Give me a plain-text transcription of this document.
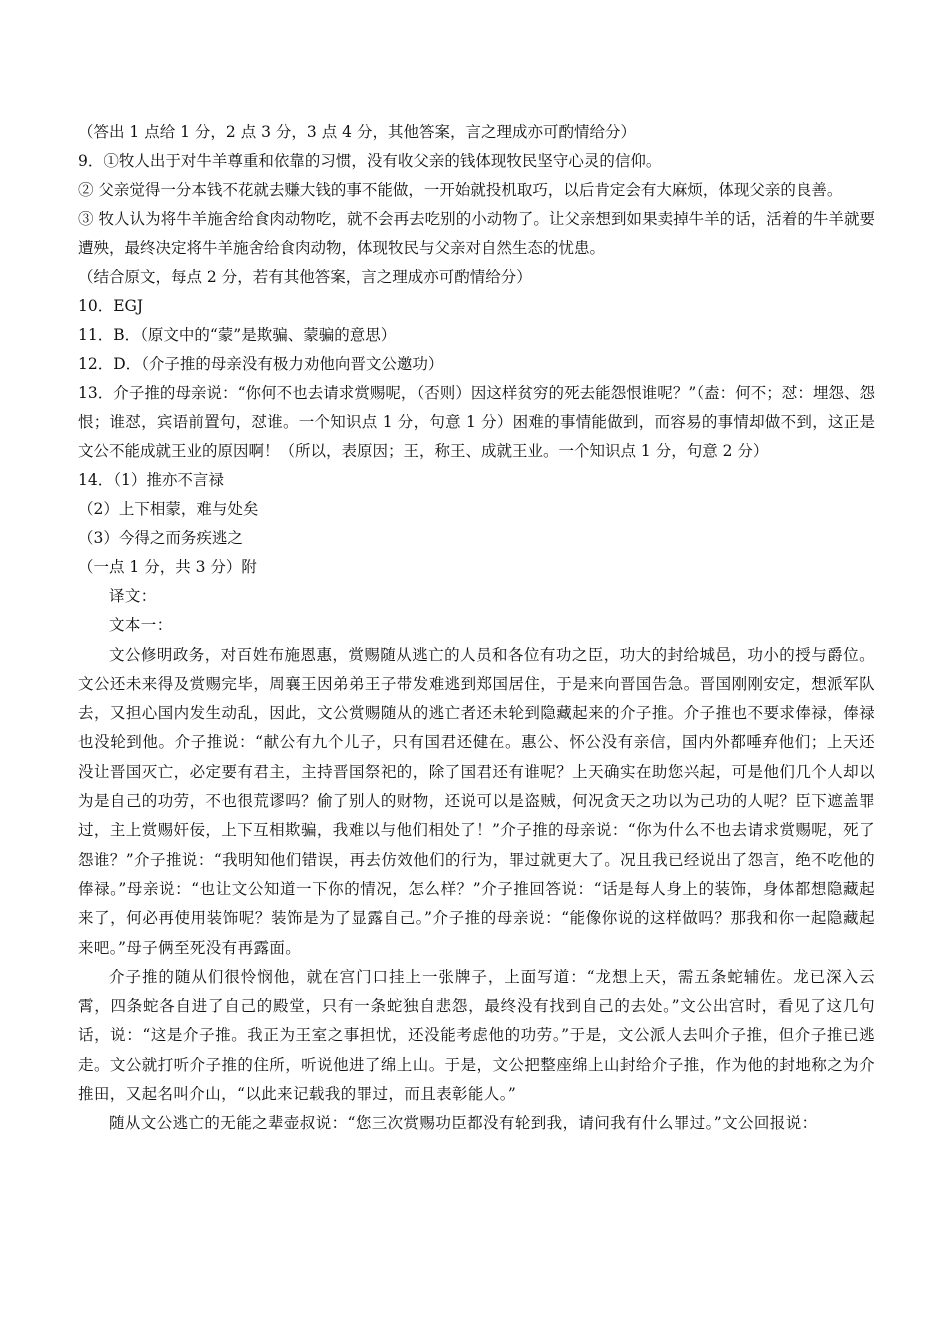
（答出 1 点给 1 分，2 点 3 分，3 点 4 分，其他答案，言之理成亦可酌情给分）

9．①牧人出于对牛羊尊重和依靠的习惯，没有收父亲的钱体现牧民坚守心灵的信仰。

② 父亲觉得一分本钱不花就去赚大钱的事不能做，一开始就投机取巧，以后肯定会有大麻烦，体现父亲的良善。

③ 牧人认为将牛羊施舍给食肉动物吃，就不会再去吃别的小动物了。让父亲想到如果卖掉牛羊的话，活着的牛羊就要遭殃，最终决定将牛羊施舍给食肉动物，体现牧民与父亲对自然生态的忧患。

（结合原文，每点 2 分，若有其他答案，言之理成亦可酌情给分）

10．EGJ

11．B．（原文中的“蒙”是欺骗、蒙骗的意思）

12．D．（介子推的母亲没有极力劝他向晋文公邀功）

13．介子推的母亲说：“你何不也去请求赏赐呢，（否则）因这样贫穷的死去能怨恨谁呢？”（盍：何不；怼：埋怨、怨恨；谁怼，宾语前置句，怼谁。一个知识点 1 分，句意 1 分）困难的事情能做到，而容易的事情却做不到，这正是文公不能成就王业的原因啊！（所以，表原因；王，称王、成就王业。一个知识点 1 分，句意 2 分）

14．（1）推亦不言禄

（2）上下相蒙，难与处矣

（3）今得之而务疾逃之

（一点 1 分，共 3 分）附

译文：

文本一：

文公修明政务，对百姓布施恩惠，赏赐随从逃亡的人员和各位有功之臣，功大的封给城邑，功小的授与爵位。文公还未来得及赏赐完毕，周襄王因弟弟王子带发难逃到郑国居住，于是来向晋国告急。晋国刚刚安定，想派军队去，又担心国内发生动乱，因此，文公赏赐随从的逃亡者还未轮到隐藏起来的介子推。介子推也不要求俸禄，俸禄也没轮到他。介子推说：“献公有九个儿子，只有国君还健在。惠公、怀公没有亲信，国内外都唾弃他们；上天还没让晋国灭亡，必定要有君主，主持晋国祭祀的，除了国君还有谁呢？上天确实在助您兴起，可是他们几个人却以为是自己的功劳，不也很荒谬吗？偷了别人的财物，还说可以是盗贼，何况贪天之功以为己功的人呢？臣下遮盖罪过，主上赏赐奸佞，上下互相欺骗，我难以与他们相处了！”介子推的母亲说：“你为什么不也去请求赏赐呢，死了怨谁？”介子推说：“我明知他们错误，再去仿效他们的行为，罪过就更大了。况且我已经说出了怨言，绝不吃他的俸禄。”母亲说：“也让文公知道一下你的情况，怎么样？”介子推回答说：“话是每人身上的装饰，身体都想隐藏起来了，何必再使用装饰呢？装饰是为了显露自己。”介子推的母亲说：“能像你说的这样做吗？那我和你一起隐藏起来吧。”母子俩至死没有再露面。

介子推的随从们很怜悯他，就在宫门口挂上一张牌子，上面写道：“龙想上天，需五条蛇辅佐。龙已深入云霄，四条蛇各自进了自己的殿堂，只有一条蛇独自悲怨，最终没有找到自己的去处。”文公出宫时，看见了这几句话，说：“这是介子推。我正为王室之事担忧，还没能考虑他的功劳。”于是，文公派人去叫介子推，但介子推已逃走。文公就打听介子推的住所，听说他进了绵上山。于是，文公把整座绵上山封给介子推，作为他的封地称之为介推田，又起名叫介山，“以此来记载我的罪过，而且表彰能人。”

随从文公逃亡的无能之辈壶叔说：“您三次赏赐功臣都没有轮到我，请问我有什么罪过。”文公回报说：
